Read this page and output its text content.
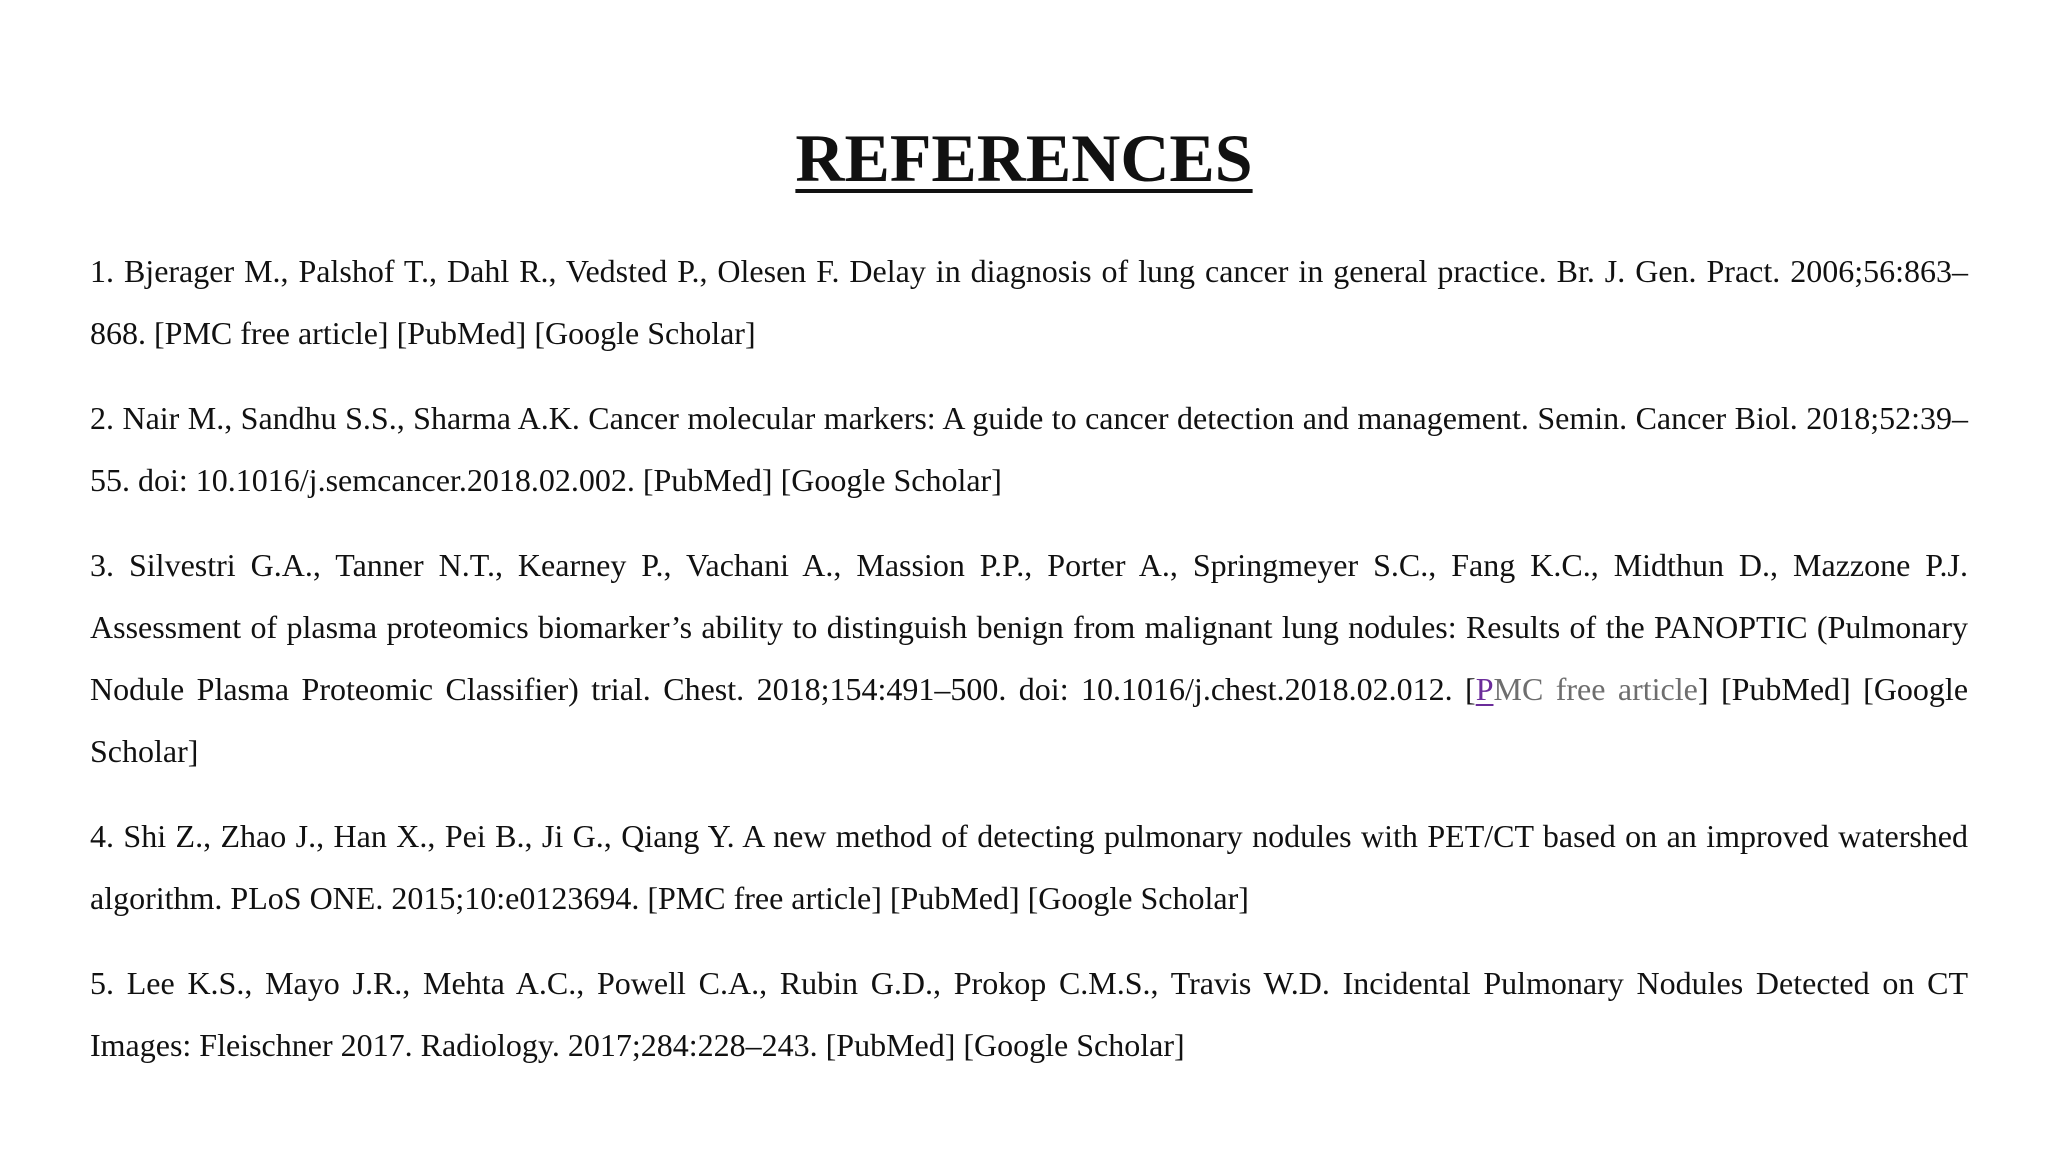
REFERENCES
1. Bjerager M., Palshof T., Dahl R., Vedsted P., Olesen F. Delay in diagnosis of lung cancer in general practice. Br. J. Gen. Pract. 2006;56:863–868. [PMC free article] [PubMed] [Google Scholar]
2. Nair M., Sandhu S.S., Sharma A.K. Cancer molecular markers: A guide to cancer detection and management. Semin. Cancer Biol. 2018;52:39–55. doi: 10.1016/j.semcancer.2018.02.002. [PubMed] [Google Scholar]
3. Silvestri G.A., Tanner N.T., Kearney P., Vachani A., Massion P.P., Porter A., Springmeyer S.C., Fang K.C., Midthun D., Mazzone P.J. Assessment of plasma proteomics biomarker’s ability to distinguish benign from malignant lung nodules: Results of the PANOPTIC (Pulmonary Nodule Plasma Proteomic Classifier) trial. Chest. 2018;154:491–500. doi: 10.1016/j.chest.2018.02.012. [PMC free article] [PubMed] [Google Scholar]
4. Shi Z., Zhao J., Han X., Pei B., Ji G., Qiang Y. A new method of detecting pulmonary nodules with PET/CT based on an improved watershed algorithm. PLoS ONE. 2015;10:e0123694. [PMC free article] [PubMed] [Google Scholar]
5. Lee K.S., Mayo J.R., Mehta A.C., Powell C.A., Rubin G.D., Prokop C.M.S., Travis W.D. Incidental Pulmonary Nodules Detected on CT Images: Fleischner 2017. Radiology. 2017;284:228–243. [PubMed] [Google Scholar]
